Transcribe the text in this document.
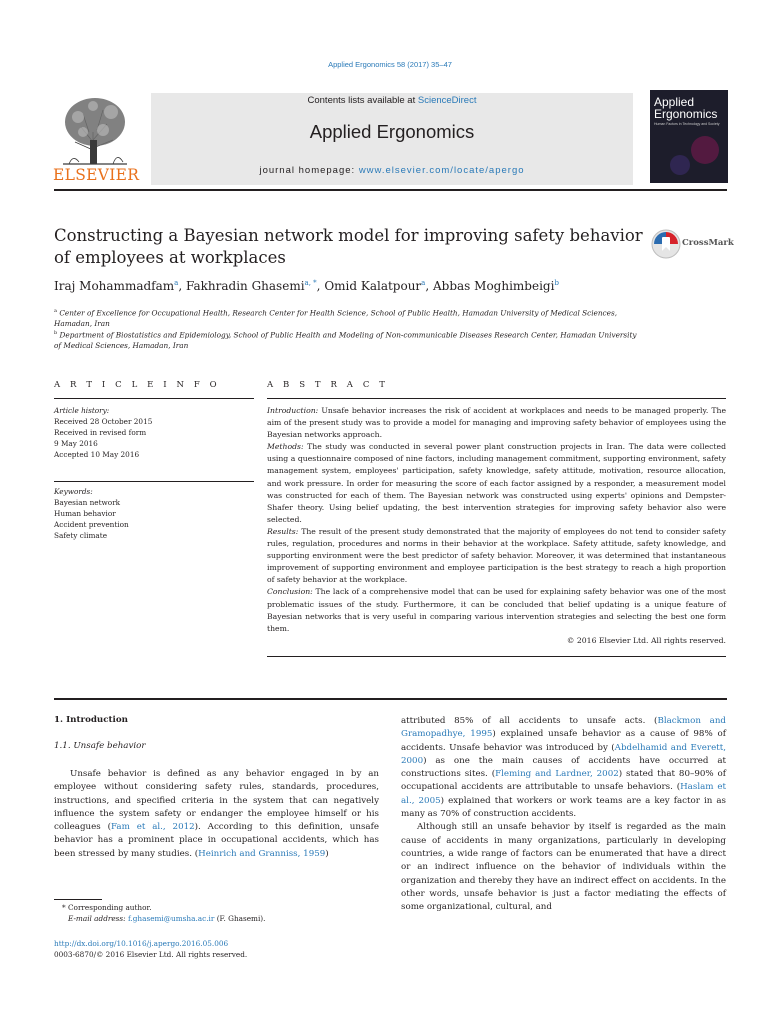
Applied Ergonomics 58 (2017) 35–47
ELSEVIER
Contents lists available at ScienceDirect
Applied Ergonomics
journal homepage: www.elsevier.com/locate/apergo
Applied
Ergonomics
Human Factors in Technology and Society
Constructing a Bayesian network model for improving safety behavior
of employees at workplaces
CrossMark
Iraj Mohammadfam$^a$, Fakhradin Ghasemi$^{a, *}$, Omid Kalatpour$^a$, Abbas Moghimbeigi$^b$
$^a$ Center of Excellence for Occupational Health, Research Center for Health Science, School of Public Health, Hamadan University of Medical Sciences,
Hamadan, Iran
$^b$ Department of Biostatistics and Epidemiology, School of Public Health and Modeling of Non-communicable Diseases Research Center, Hamadan University
of Medical Sciences, Hamadan, Iran
A R T I C L E I N F O
Article history:
Received 28 October 2015
Received in revised form
9 May 2016
Accepted 10 May 2016
Keywords:
Bayesian network
Human behavior
Accident prevention
Safety climate
A B S T R A C T

Introduction: Unsafe behavior increases the risk of accident at workplaces and needs to be managed properly. The aim of the present study was to provide a model for managing and improving safety behavior of employees using the Bayesian networks approach.

Methods: The study was conducted in several power plant construction projects in Iran. The data were collected using a questionnaire composed of nine factors, including management commitment, supporting environment, safety management system, employees' participation, safety knowledge, safety attitude, motivation, resource allocation, and work pressure. In order for measuring the score of each factor assigned by a responder, a measurement model was constructed for each of them. The Bayesian network was constructed using experts' opinions and Dempster-Shafer theory. Using belief updating, the best intervention strategies for improving safety behavior also were selected.

Results: The result of the present study demonstrated that the majority of employees do not tend to consider safety rules, regulation, procedures and norms in their behavior at the workplace. Safety attitude, safety knowledge, and supporting environment were the best predictor of safety behavior. Moreover, it was determined that instantaneous improvement of supporting environment and employee participation is the best strategy to reach a high proportion of safety behavior at the workplace.

Conclusion: The lack of a comprehensive model that can be used for explaining safety behavior was one of the most problematic issues of the study. Furthermore, it can be concluded that belief updating is a unique feature of Bayesian networks that is very useful in comparing various intervention strategies and selecting the best one form them.

© 2016 Elsevier Ltd. All rights reserved.

1. Introduction
1.1. Unsafe behavior

Unsafe behavior is defined as any behavior engaged in by an employee without considering safety rules, standards, procedures, instructions, and specified criteria in the system that can negatively influence the system safety or endanger the employee himself or his colleagues (Fam et al., 2012). According to this definition, unsafe behavior has a prominent place in occupational accidents, which has been stressed by many studies. (Heinrich and Granniss, 1959)

attributed 85% of all accidents to unsafe acts. (Blackmon and Gramopadhye, 1995) explained unsafe behavior as a cause of 98% of accidents. Unsafe behavior was introduced by (Abdelhamid and Everett, 2000) as one the main causes of accidents have occurred at constructions sites. (Fleming and Lardner, 2002) stated that 80–90% of occupational accidents are attributable to unsafe behaviors. (Haslam et al., 2005) explained that workers or work teams are a key factor in as many as 70% of construction accidents.

Although still an unsafe behavior by itself is regarded as the main cause of accidents in many organizations, particularly in developing countries, a wide range of factors can be enumerated that have a direct or an indirect influence on the behavior of individuals within the organization and thereby they have an indirect effect on accidents. In the other words, unsafe behavior is just a factor mediating the effects of some organizational, cultural, and

* Corresponding author.
E-mail address: f.ghasemi@umsha.ac.ir (F. Ghasemi).
http://dx.doi.org/10.1016/j.apergo.2016.05.006
0003-6870/© 2016 Elsevier Ltd. All rights reserved.
